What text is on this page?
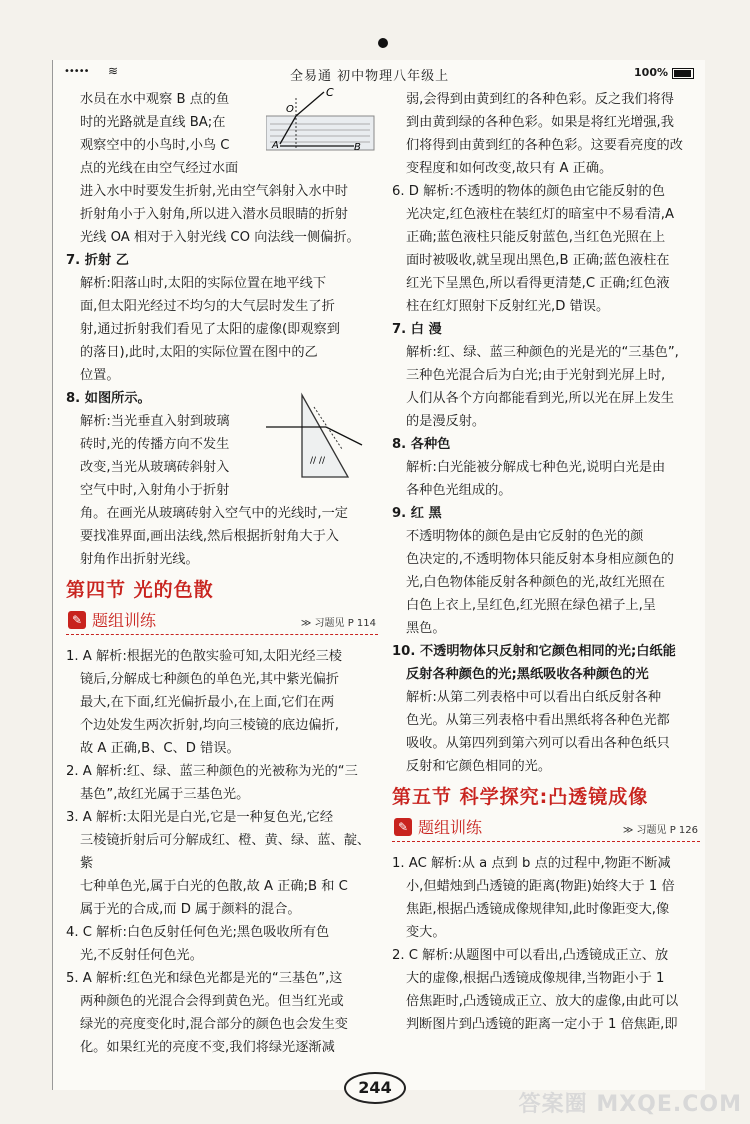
••••• ≋	全易通 初中物理八年级上	100%
C
O
A	B

水员在水中观察 B 点的鱼

时的光路就是直线 BA;在

观察空中的小鸟时,小鸟 C

点的光线在由空气经过水面

进入水中时要发生折射,光由空气斜射入水中时

折射角小于入射角,所以进入潜水员眼睛的折射

光线 OA 相对于入射光线 CO 向法线一侧偏折。

7. 折射 乙

解析:阳落山时,太阳的实际位置在地平线下

面,但太阳光经过不均匀的大气层时发生了折

射,通过折射我们看见了太阳的虚像(即观察到

的落日),此时,太阳的实际位置在图中的乙

位置。

// //

8. 如图所示。

解析:当光垂直入射到玻璃

砖时,光的传播方向不发生

改变,当光从玻璃砖斜射入

空气中时,入射角小于折射

角。在画光从玻璃砖射入空气中的光线时,一定

要找准界面,画出法线,然后根据折射角大于入

射角作出折射光线。

第四节 光的色散
✎ 题组训练	≫ 习题见 P 114

1. A 解析:根据光的色散实验可知,太阳光经三棱

镜后,分解成七种颜色的单色光,其中紫光偏折

最大,在下面,红光偏折最小,在上面,它们在两

个边处发生两次折射,均向三棱镜的底边偏折,

故 A 正确,B、C、D 错误。

2. A 解析:红、绿、蓝三种颜色的光被称为光的“三

基色”,故红光属于三基色光。

3. A 解析:太阳光是白光,它是一种复色光,它经

三棱镜折射后可分解成红、橙、黄、绿、蓝、靛、紫

七种单色光,属于白光的色散,故 A 正确;B 和 C

属于光的合成,而 D 属于颜料的混合。

4. C 解析:白色反射任何色光;黑色吸收所有色

光,不反射任何色光。

5. A 解析:红色光和绿色光都是光的“三基色”,这

两种颜色的光混合会得到黄色光。但当红光或

绿光的亮度变化时,混合部分的颜色也会发生变

化。如果红光的亮度不变,我们将绿光逐渐减

弱,会得到由黄到红的各种色彩。反之我们将得

到由黄到绿的各种色彩。如果是将红光增强,我

们将得到由黄到红的各种色彩。这要看亮度的改

变程度和如何改变,故只有 A 正确。

6. D 解析:不透明的物体的颜色由它能反射的色

光决定,红色液柱在装红灯的暗室中不易看清,A

正确;蓝色液柱只能反射蓝色,当红色光照在上

面时被吸收,就呈现出黑色,B 正确;蓝色液柱在

红光下呈黑色,所以看得更清楚,C 正确;红色液

柱在红灯照射下反射红光,D 错误。

7. 白 漫

解析:红、绿、蓝三种颜色的光是光的“三基色”,

三种色光混合后为白光;由于光射到光屏上时,

人们从各个方向都能看到光,所以光在屏上发生

的是漫反射。

8. 各种色

解析:白光能被分解成七种色光,说明白光是由

各种色光组成的。

9. 红 黑

不透明物体的颜色是由它反射的色光的颜

色决定的,不透明物体只能反射本身相应颜色的

光,白色物体能反射各种颜色的光,故红光照在

白色上衣上,呈红色,红光照在绿色裙子上,呈

黑色。

10. 不透明物体只反射和它颜色相同的光;白纸能

反射各种颜色的光;黑纸吸收各种颜色的光

解析:从第二列表格中可以看出白纸反射各种

色光。从第三列表格中看出黑纸将各种色光都

吸收。从第四列到第六列可以看出各种色纸只

反射和它颜色相同的光。

第五节 科学探究:凸透镜成像
✎ 题组训练	≫ 习题见 P 126

1. AC 解析:从 a 点到 b 点的过程中,物距不断减

小,但蜡烛到凸透镜的距离(物距)始终大于 1 倍

焦距,根据凸透镜成像规律知,此时像距变大,像

变大。

2. C 解析:从题图中可以看出,凸透镜成正立、放

大的虚像,根据凸透镜成像规律,当物距小于 1

倍焦距时,凸透镜成正立、放大的虚像,由此可以

判断图片到凸透镜的距离一定小于 1 倍焦距,即

244
答案圈 MXQE.COM
